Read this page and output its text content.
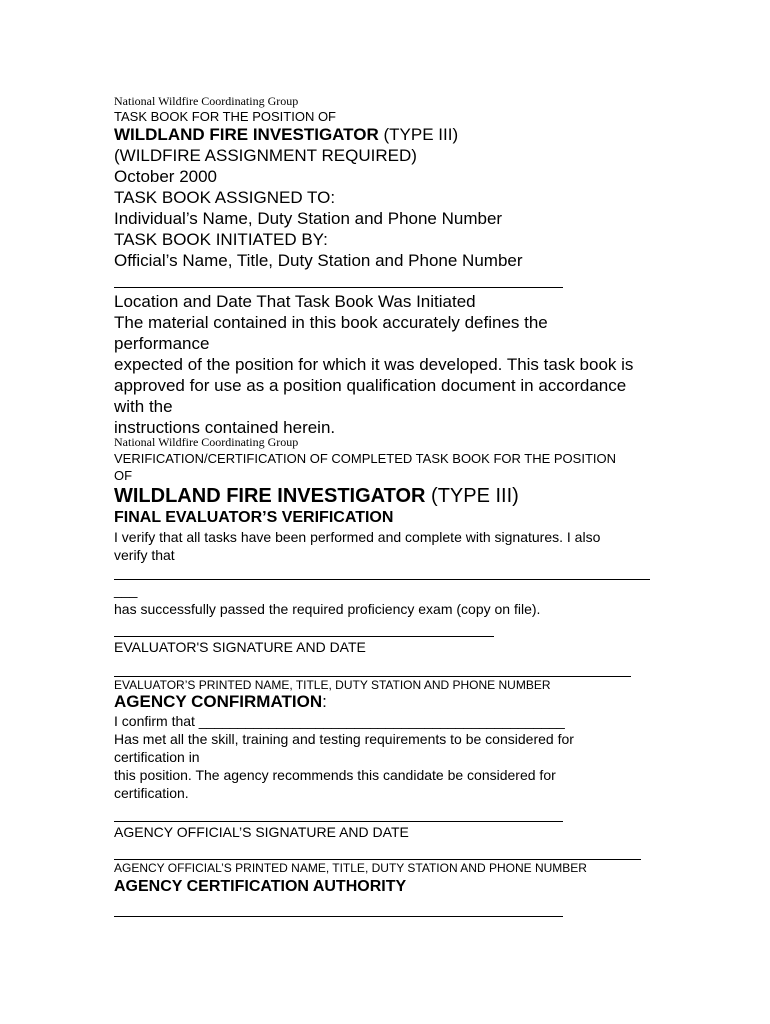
National Wildfire Coordinating Group
TASK BOOK FOR THE POSITION OF
WILDLAND FIRE INVESTIGATOR (TYPE III)
(WILDFIRE ASSIGNMENT REQUIRED)
October 2000
TASK BOOK ASSIGNED TO:
Individual’s Name, Duty Station and Phone Number
TASK BOOK INITIATED BY:
Official’s Name, Title, Duty Station and Phone Number
Location and Date That Task Book Was Initiated
The material contained in this book accurately defines the
performance
expected of the position for which it was developed. This task book is
approved for use as a position qualification document in accordance
with the
instructions contained herein.
National Wildfire Coordinating Group
VERIFICATION/CERTIFICATION OF COMPLETED TASK BOOK FOR THE POSITION
OF
WILDLAND FIRE INVESTIGATOR (TYPE III)
FINAL EVALUATOR’S VERIFICATION
I verify that all tasks have been performed and complete with signatures. I also
verify that
___
has successfully passed the required proficiency exam (copy on file).
EVALUATOR'S SIGNATURE AND DATE
EVALUATOR’S PRINTED NAME, TITLE, DUTY STATION AND PHONE NUMBER
AGENCY CONFIRMATION:
I confirm that _______________________________________________
Has met all the skill, training and testing requirements to be considered for
certification in
this position. The agency recommends this candidate be considered for
certification.
AGENCY OFFICIAL’S SIGNATURE AND DATE
AGENCY OFFICIAL’S PRINTED NAME, TITLE, DUTY STATION AND PHONE NUMBER
AGENCY CERTIFICATION AUTHORITY
